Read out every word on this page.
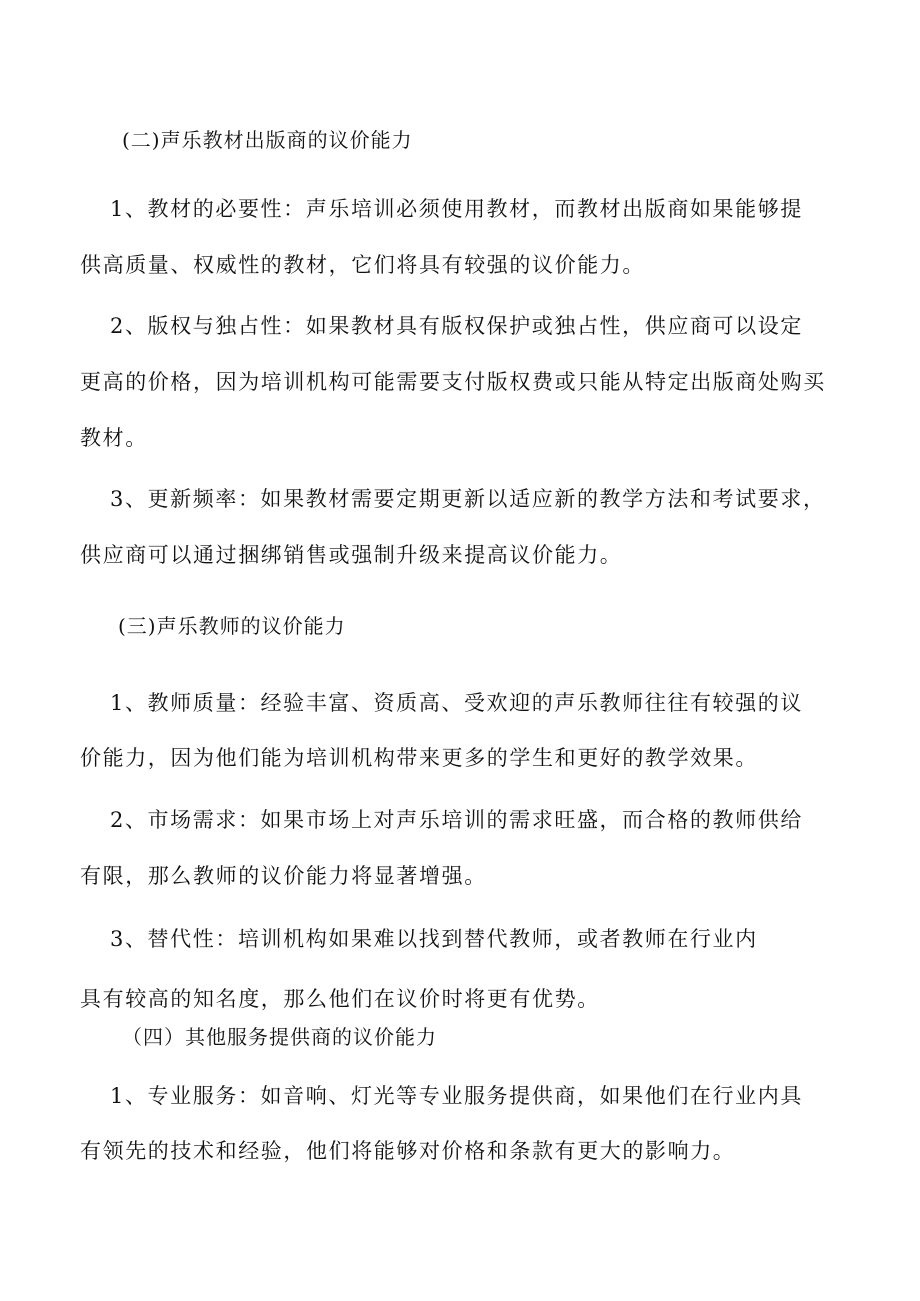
(二)声乐教材出版商的议价能力
1、教材的必要性：声乐培训必须使用教材，而教材出版商如果能够提
供高质量、权威性的教材，它们将具有较强的议价能力。
2、版权与独占性：如果教材具有版权保护或独占性，供应商可以设定
更高的价格，因为培训机构可能需要支付版权费或只能从特定出版商处购买
教材。
3、更新频率：如果教材需要定期更新以适应新的教学方法和考试要求，
供应商可以通过捆绑销售或强制升级来提高议价能力。
(三)声乐教师的议价能力
1、教师质量：经验丰富、资质高、受欢迎的声乐教师往往有较强的议
价能力，因为他们能为培训机构带来更多的学生和更好的教学效果。
2、市场需求：如果市场上对声乐培训的需求旺盛，而合格的教师供给
有限，那么教师的议价能力将显著增强。
3、替代性：培训机构如果难以找到替代教师，或者教师在行业内
具有较高的知名度，那么他们在议价时将更有优势。
（四）其他服务提供商的议价能力
1、专业服务：如音响、灯光等专业服务提供商，如果他们在行业内具
有领先的技术和经验，他们将能够对价格和条款有更大的影响力。
